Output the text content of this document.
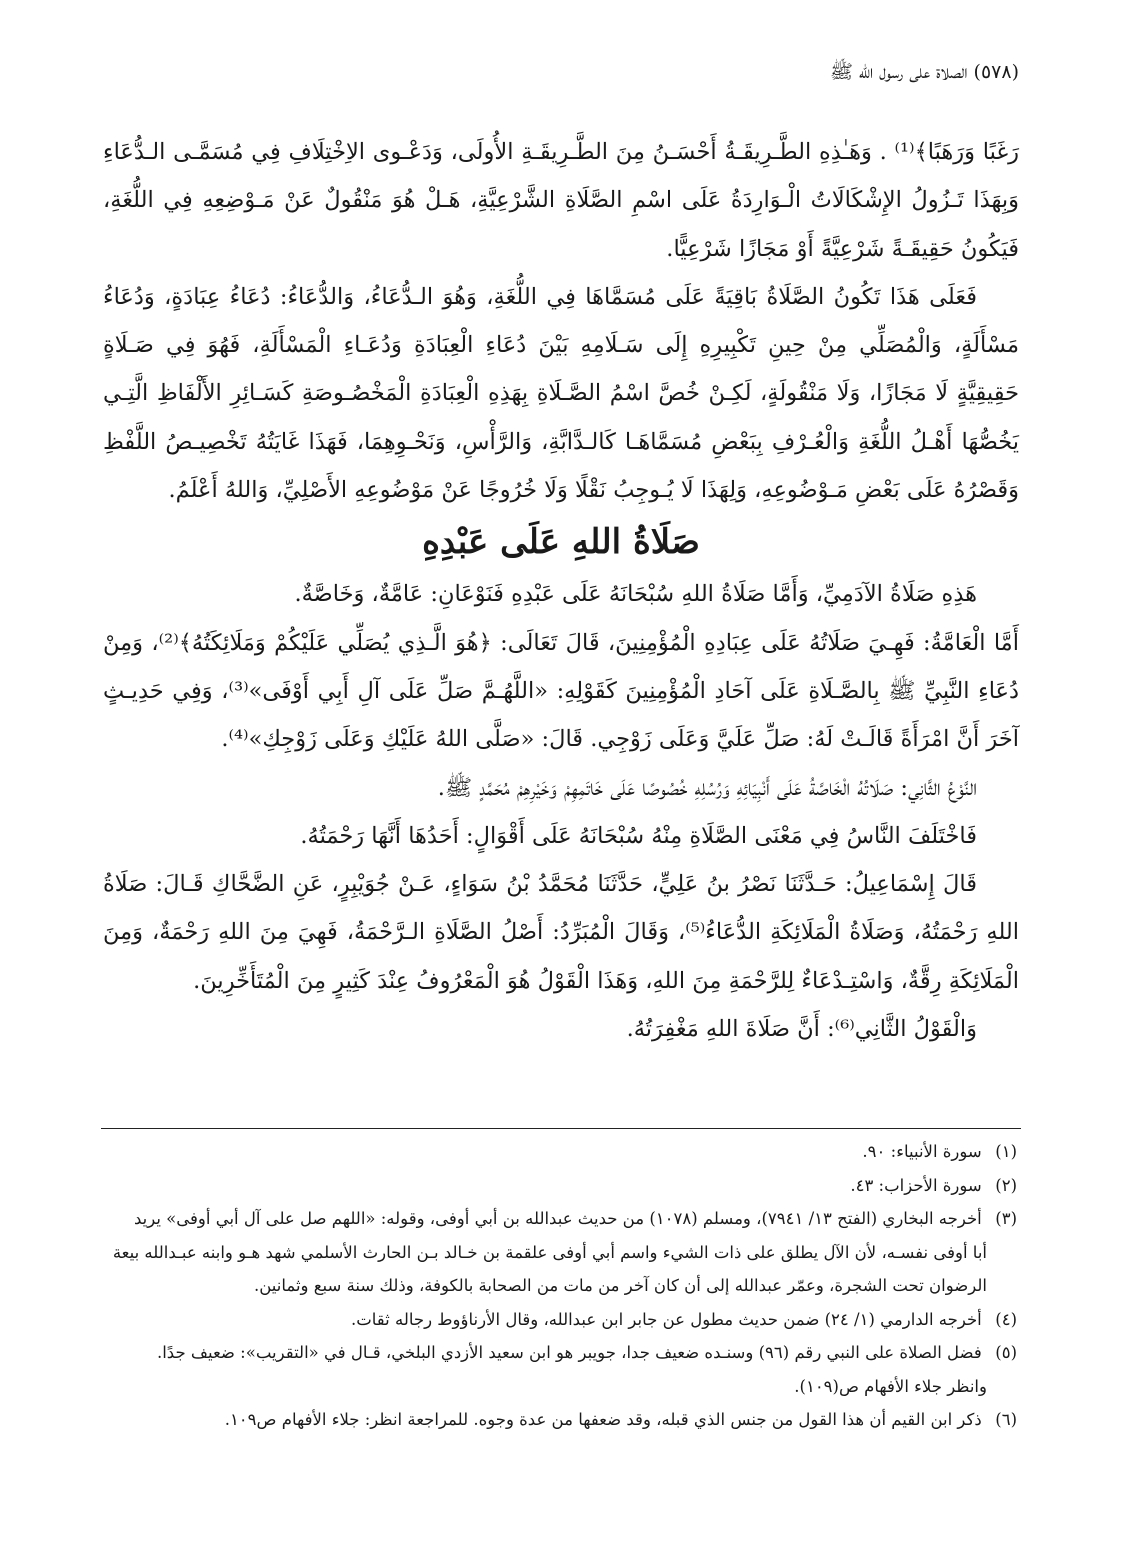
(٥٧٨) الصلاة على رسول الله ﷺ

رَغَبًا وَرَهَبًا﴾⁽¹⁾ . وَهَـٰذِهِ الطَّـرِيقَـةُ أَحْسَـنُ مِنَ الطَّـرِيقَـةِ الأُولَى، وَدَعْـوى الاِخْتِلَافِ فِي مُسَمَّـى الـدُّعَاءِ وَبِهَذَا تَـزُولُ الإِشْكَالَاتُ الْـوَارِدَةُ عَلَى اسْمِ الصَّلَاةِ الشَّرْعِيَّةِ، هَـلْ هُوَ مَنْقُولٌ عَنْ مَـوْضِعِهِ فِي اللُّغَةِ، فَيَكُونُ حَقِيقَـةً شَرْعِيَّةً أَوْ مَجَازًا شَرْعِيًّا.

فَعَلَى هَذَا تَكُونُ الصَّلَاةُ بَاقِيَةً عَلَى مُسَمَّاهَا فِي اللُّغَةِ، وَهُوَ الـدُّعَاءُ، وَالدُّعَاءُ: دُعَاءُ عِبَادَةٍ، وَدُعَاءُ مَسْأَلَةٍ، وَالْمُصَلِّي مِنْ حِينِ تَكْبِيرِهِ إِلَى سَـلَامِهِ بَيْنَ دُعَاءِ الْعِبَادَةِ وَدُعَـاءِ الْمَسْأَلَةِ، فَهُوَ فِي صَـلَاةٍ حَقِيقِيَّةٍ لَا مَجَازًا، وَلَا مَنْقُولَةٍ، لَكِـنْ خُصَّ اسْمُ الصَّـلَاةِ بِهَذِهِ الْعِبَادَةِ الْمَخْصُـوصَةِ كَسَـائِرِ الأَلْفَاظِ الَّتِـي يَخُصُّهَا أَهْـلُ اللُّغَةِ وَالْعُـرْفِ بِبَعْضِ مُسَمَّاهَـا كَالـدَّابَّةِ، وَالرَّأْسِ، وَنَحْـوِهِمَا، فَهَذَا غَايَتُهُ تَخْصِيـصُ اللَّفْظِ وَقَصْرُهُ عَلَى بَعْضِ مَـوْضُوعِهِ، وَلِهَذَا لَا يُـوجِبُ نَقْلًا وَلَا خُرُوجًا عَنْ مَوْضُوعِهِ الأَصْلِيِّ، وَاللهُ أَعْلَمُ.

صَلَاةُ اللهِ عَلَى عَبْدِهِ

هَذِهِ صَلَاةُ الآدَمِيِّ، وَأَمَّا صَلَاةُ اللهِ سُبْحَانَهُ عَلَى عَبْدِهِ فَنَوْعَانِ: عَامَّةٌ، وَخَاصَّةٌ.

أَمَّا الْعَامَّةُ: فَهِـيَ صَلَاتُهُ عَلَى عِبَادِهِ الْمُؤْمِنِينَ، قَالَ تَعَالَى: ﴿هُوَ الَّـذِي يُصَلِّي عَلَيْكُمْ وَمَلَائِكَتُهُ﴾⁽²⁾، وَمِنْ دُعَاءِ النَّبِيِّ ﷺ بِالصَّـلَاةِ عَلَى آحَادِ الْمُؤْمِنِينَ كَقَوْلِهِ: «اللَّهُـمَّ صَلِّ عَلَى آلِ أَبِي أَوْفَى»⁽³⁾، وَفِي حَدِيـثٍ آخَرَ أَنَّ امْرَأَةً قَالَـتْ لَهُ: صَلِّ عَلَيَّ وَعَلَى زَوْجِي. قَالَ: «صَلَّى اللهُ عَلَيْكِ وَعَلَى زَوْجِكِ»⁽⁴⁾.

النَّوْعُ الثَّانِي: صَلَاتُهُ الْخَاصَّةُ عَلَى أَنْبِيَائِهِ وَرُسُلِهِ خُصُوصًا عَلَى خَاتَمِهِمْ وَخَيْرِهِمْ مُحَمَّدٍ ﷺ.

فَاخْتَلَفَ النَّاسُ فِي مَعْنَى الصَّلَاةِ مِنْهُ سُبْحَانَهُ عَلَى أَقْوَالٍ: أَحَدُهَا أَنَّهَا رَحْمَتُهُ.

قَالَ إِسْمَاعِيلُ: حَـدَّثَنَا نَصْرُ بنُ عَلِيٍّ، حَدَّثَنَا مُحَمَّدُ بْنُ سَوَاءٍ، عَـنْ جُوَيْبِرٍ، عَنِ الضَّحَّاكِ قَـالَ: صَلَاةُ اللهِ رَحْمَتُهُ، وَصَلَاةُ الْمَلَائِكَةِ الدُّعَاءُ⁽⁵⁾، وَقَالَ الْمُبَرِّدُ: أَصْلُ الصَّلَاةِ الـرَّحْمَةُ، فَهِيَ مِنَ اللهِ رَحْمَةٌ، وَمِنَ الْمَلَائِكَةِ رِقَّةٌ، وَاسْتِـدْعَاءٌ لِلرَّحْمَةِ مِنَ اللهِ، وَهَذَا الْقَوْلُ هُوَ الْمَعْرُوفُ عِنْدَ كَثِيرٍ مِنَ الْمُتَأَخِّرِينَ.

وَالْقَوْلُ الثَّانِي⁽⁶⁾: أَنَّ صَلَاةَ اللهِ مَغْفِرَتُهُ.

(١) سورة الأنبياء: ٩٠.

(٢) سورة الأحزاب: ٤٣.

(٣) أخرجه البخاري (الفتح ١٣/ ٧٩٤١)، ومسلم (١٠٧٨) من حديث عبدالله بن أبي أوفى، وقوله: «اللهم صل على آل أبي أوفى» يريد

أبا أوفى نفسـه، لأن الآل يطلق على ذات الشيء واسم أبي أوفى علقمة بن خـالد بـن الحارث الأسلمي شهد هـو وابنه عبـدالله بيعة

الرضوان تحت الشجرة، وعمّر عبدالله إلى أن كان آخر من مات من الصحابة بالكوفة، وذلك سنة سبع وثمانين.

(٤) أخرجه الدارمي (١/ ٢٤) ضمن حديث مطول عن جابر ابن عبدالله، وقال الأرناؤوط رجاله ثقات.

(٥) فضل الصلاة على النبي رقم (٩٦) وسنـده ضعيف جدا، جويبر هو ابن سعيد الأزدي البلخي، قـال في «التقريب»: ضعيف جدًا.

وانظر جلاء الأفهام ص(١٠٩).

(٦) ذكر ابن القيم أن هذا القول من جنس الذي قبله، وقد ضعفها من عدة وجوه. للمراجعة انظر: جلاء الأفهام ص١٠٩.
